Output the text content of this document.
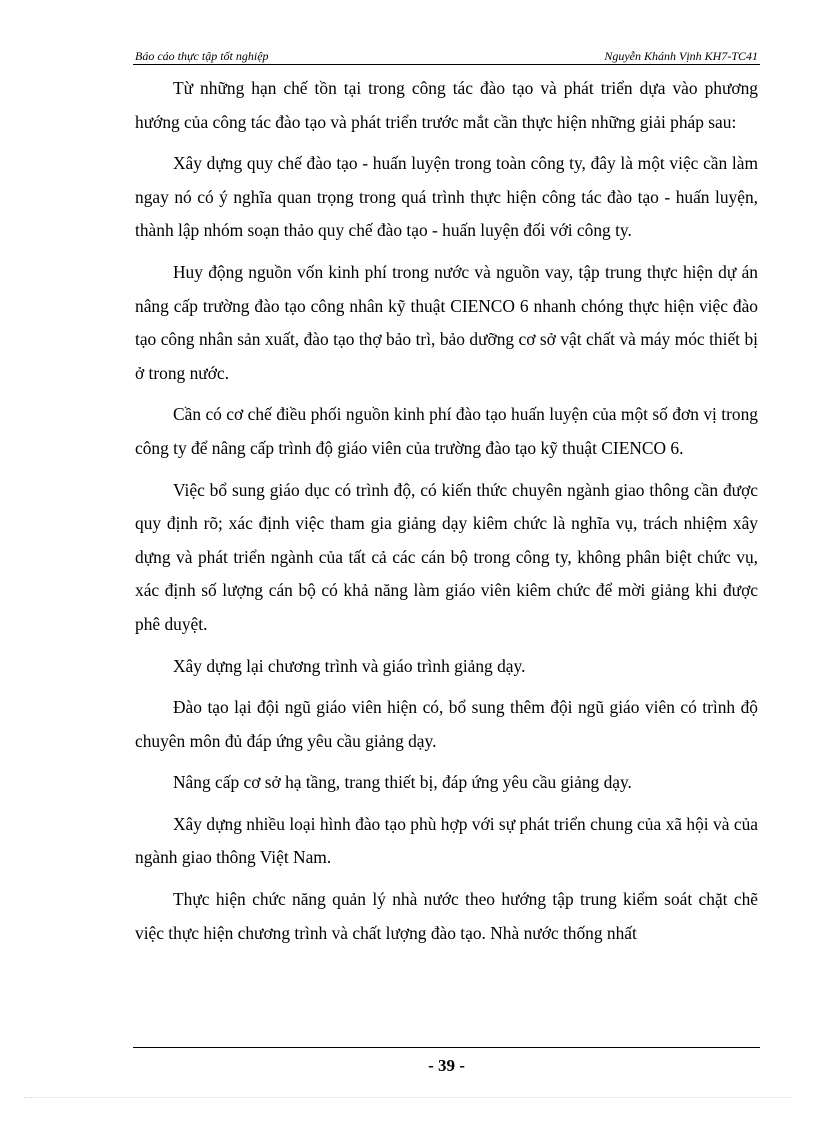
Báo cáo thực tập tốt nghiệp	Nguyễn Khánh Vịnh KH7-TC41

Từ những hạn chế tồn tại trong công tác đào tạo và phát triển dựa vào phương hướng của công tác đào tạo và phát triển trước mắt cần thực hiện những giải pháp sau:

Xây dựng quy chế đào tạo - huấn luyện trong toàn công ty, đây là một việc cần làm ngay nó có ý nghĩa quan trọng trong quá trình thực hiện công tác đào tạo - huấn luyện, thành lập nhóm soạn thảo quy chế đào tạo - huấn luyện đối với công ty.

Huy động nguồn vốn kinh phí trong nước và nguồn vay, tập trung thực hiện dự án nâng cấp trường đào tạo công nhân kỹ thuật CIENCO 6 nhanh chóng thực hiện việc đào tạo công nhân sản xuất, đào tạo thợ bảo trì, bảo dưỡng cơ sở vật chất và máy móc thiết bị ở trong nước.

Cần có cơ chế điều phối nguồn kinh phí đào tạo huấn luyện của một số đơn vị trong công ty để nâng cấp trình độ giáo viên của trường đào tạo kỹ thuật CIENCO 6.

Việc bổ sung giáo dục có trình độ, có kiến thức chuyên ngành giao thông cần được quy định rõ; xác định việc tham gia giảng dạy kiêm chức là nghĩa vụ, trách nhiệm xây dựng và phát triển ngành của tất cả các cán bộ trong công ty, không phân biệt chức vụ, xác định số lượng cán bộ có khả năng làm giáo viên kiêm chức để mời giảng khi được phê duyệt.

Xây dựng lại chương trình và giáo trình giảng dạy.

Đào tạo lại đội ngũ giáo viên hiện có, bổ sung thêm đội ngũ giáo viên có trình độ chuyên môn đủ đáp ứng yêu cầu giảng dạy.

Nâng cấp cơ sở hạ tầng, trang thiết bị, đáp ứng yêu cầu giảng dạy.

Xây dựng nhiều loại hình đào tạo phù hợp với sự phát triển chung của xã hội và của ngành giao thông Việt Nam.

Thực hiện chức năng quản lý nhà nước theo hướng tập trung kiểm soát chặt chẽ việc thực hiện chương trình và chất lượng đào tạo. Nhà nước thống nhất

- 39 -
